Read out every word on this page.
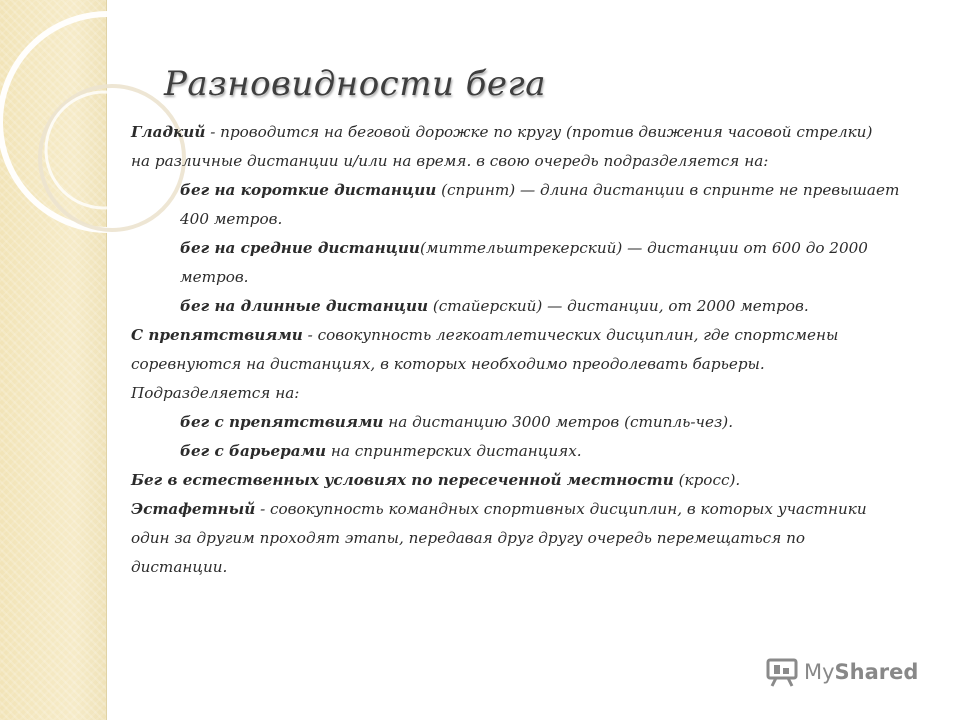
Разновидности бега
Гладкий - проводится на беговой дорожке по кругу (против движения часовой стрелки)
на различные дистанции и/или на время. в свою очередь подразделяется на:
бег на короткие дистанции (спринт) — длина дистанции в спринте не превышает
400 метров.
бег на средние дистанции(миттельштрекерский) — дистанции от 600 до 2000
метров.
бег на длинные дистанции (стайерский) — дистанции, от 2000 метров.
С препятствиями - совокупность легкоатлетических дисциплин, где спортсмены
соревнуются на дистанциях, в которых необходимо преодолевать барьеры.
Подразделяется на:
бег с препятствиями на дистанцию 3000 метров (стипль-чез).
бег с барьерами на спринтерских дистанциях.
Бег в естественных условиях по пересеченной местности (кросс).
Эстафетный - совокупность командных спортивных дисциплин, в которых участники
один за другим проходят этапы, передавая друг другу очередь перемещаться по
дистанции.
MyShared
